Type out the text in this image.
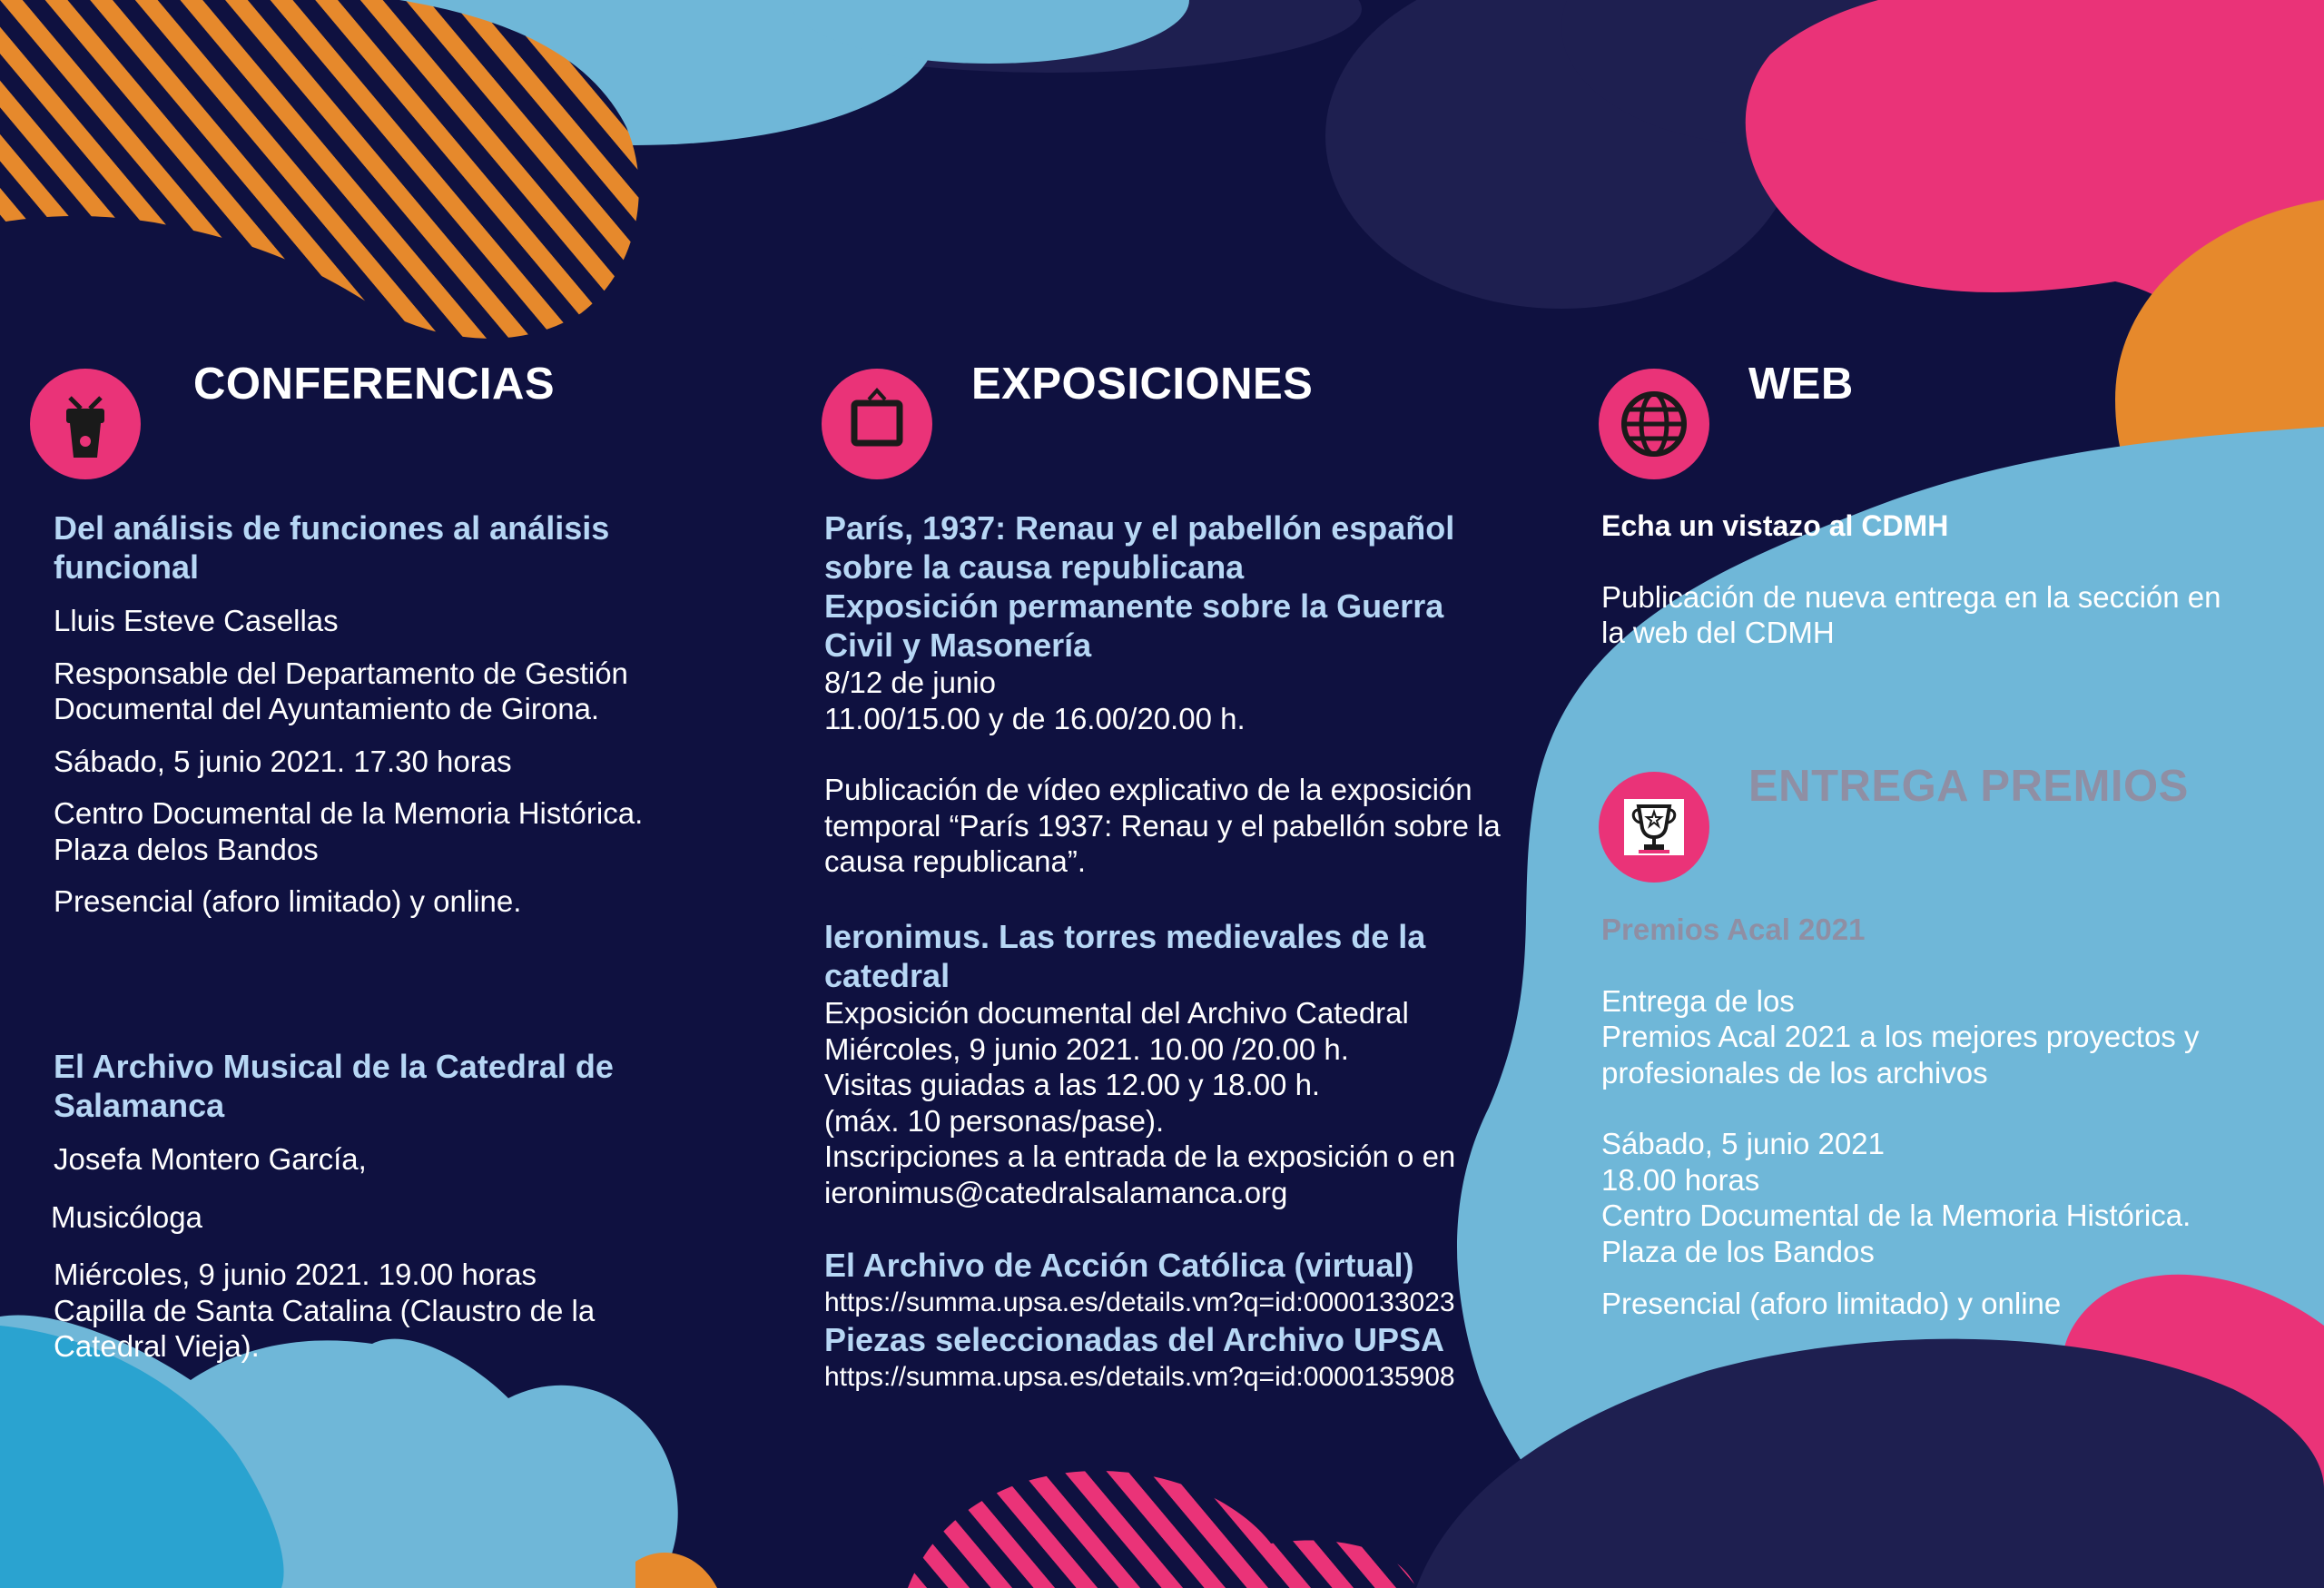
CONFERENCIAS
Del análisis de funciones al análisis funcional

Lluis Esteve Casellas

Responsable del Departamento de Gestión Documental del Ayuntamiento de Girona.

Sábado, 5 junio 2021. 17.30 horas

Centro Documental de la Memoria Histórica.
Plaza delos Bandos

Presencial (aforo limitado) y online.

El Archivo Musical de la Catedral de Salamanca

Josefa Montero García,

Musicóloga

Miércoles, 9 junio 2021. 19.00 horas

Capilla de Santa Catalina (Claustro de la Catedral Vieja).

EXPOSICIONES
París, 1937: Renau y el pabellón español sobre la causa republicana
Exposición permanente sobre la Guerra Civil y Masonería

8/12 de junio

11.00/15.00 y de 16.00/20.00 h.

Publicación de vídeo explicativo de la exposición temporal “París 1937: Renau y el pabellón sobre la causa republicana”.

Ieronimus. Las torres medievales de la catedral

Exposición documental del Archivo Catedral

Miércoles, 9 junio 2021. 10.00 /20.00 h.

Visitas guiadas a las 12.00 y 18.00 h.

(máx. 10 personas/pase).

Inscripciones a la entrada de la exposición o en

ieronimus@catedralsalamanca.org

El Archivo de Acción Católica (virtual)

https://summa.upsa.es/details.vm?q=id:0000133023

Piezas seleccionadas del Archivo UPSA

https://summa.upsa.es/details.vm?q=id:0000135908

WEB
Echa un vistazo al CDMH

Publicación de nueva entrega en la sección en la web del CDMH

ENTREGA PREMIOS
Premios Acal 2021

Entrega de los

Premios Acal 2021 a los mejores proyectos y profesionales de los archivos

Sábado, 5 junio 2021

18.00 horas

Centro Documental de la Memoria Histórica.
Plaza de los Bandos

Presencial (aforo limitado) y online
